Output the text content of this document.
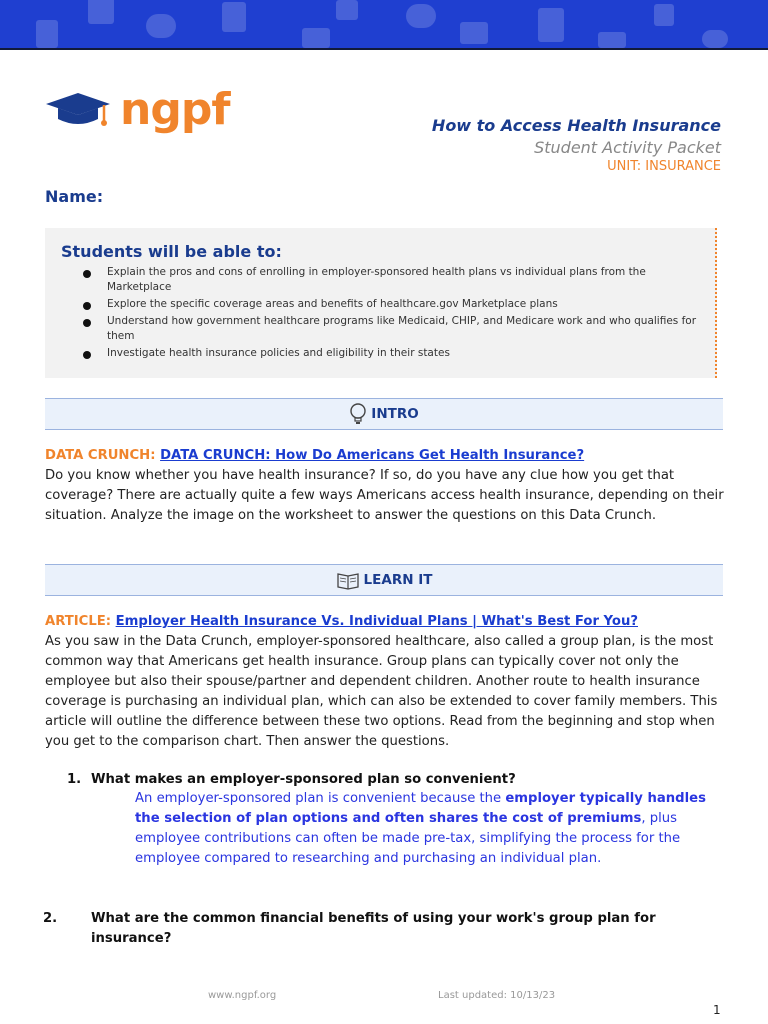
ngpf	How to Access Health Insurance
Student Activity Packet
UNIT: INSURANCE
Name:
Students will be able to:
Explain the pros and cons of enrolling in employer-sponsored health plans vs individual plans from the Marketplace
Explore the specific coverage areas and benefits of healthcare.gov Marketplace plans
Understand how government healthcare programs like Medicaid, CHIP, and Medicare work and who qualifies for them
Investigate health insurance policies and eligibility in their states
INTRO
DATA CRUNCH: DATA CRUNCH: How Do Americans Get Health Insurance?
Do you know whether you have health insurance? If so, do you have any clue how you get that coverage? There are actually quite a few ways Americans access health insurance, depending on their situation. Analyze the image on the worksheet to answer the questions on this Data Crunch.
LEARN IT
ARTICLE: Employer Health Insurance Vs. Individual Plans | What's Best For You?
As you saw in the Data Crunch, employer-sponsored healthcare, also called a group plan, is the most common way that Americans get health insurance. Group plans can typically cover not only the employee but also their spouse/partner and dependent children. Another route to health insurance coverage is purchasing an individual plan, which can also be extended to cover family members. This article will outline the difference between these two options. Read from the beginning and stop when you get to the comparison chart. Then answer the questions.
1. What makes an employer-sponsored plan so convenient?
An employer-sponsored plan is convenient because the employer typically handles the selection of plan options and often shares the cost of premiums, plus employee contributions can often be made pre-tax, simplifying the process for the employee compared to researching and purchasing an individual plan.
2.	What are the common financial benefits of using your work's group plan for insurance?
www.ngpf.org	Last updated: 10/13/23
1
